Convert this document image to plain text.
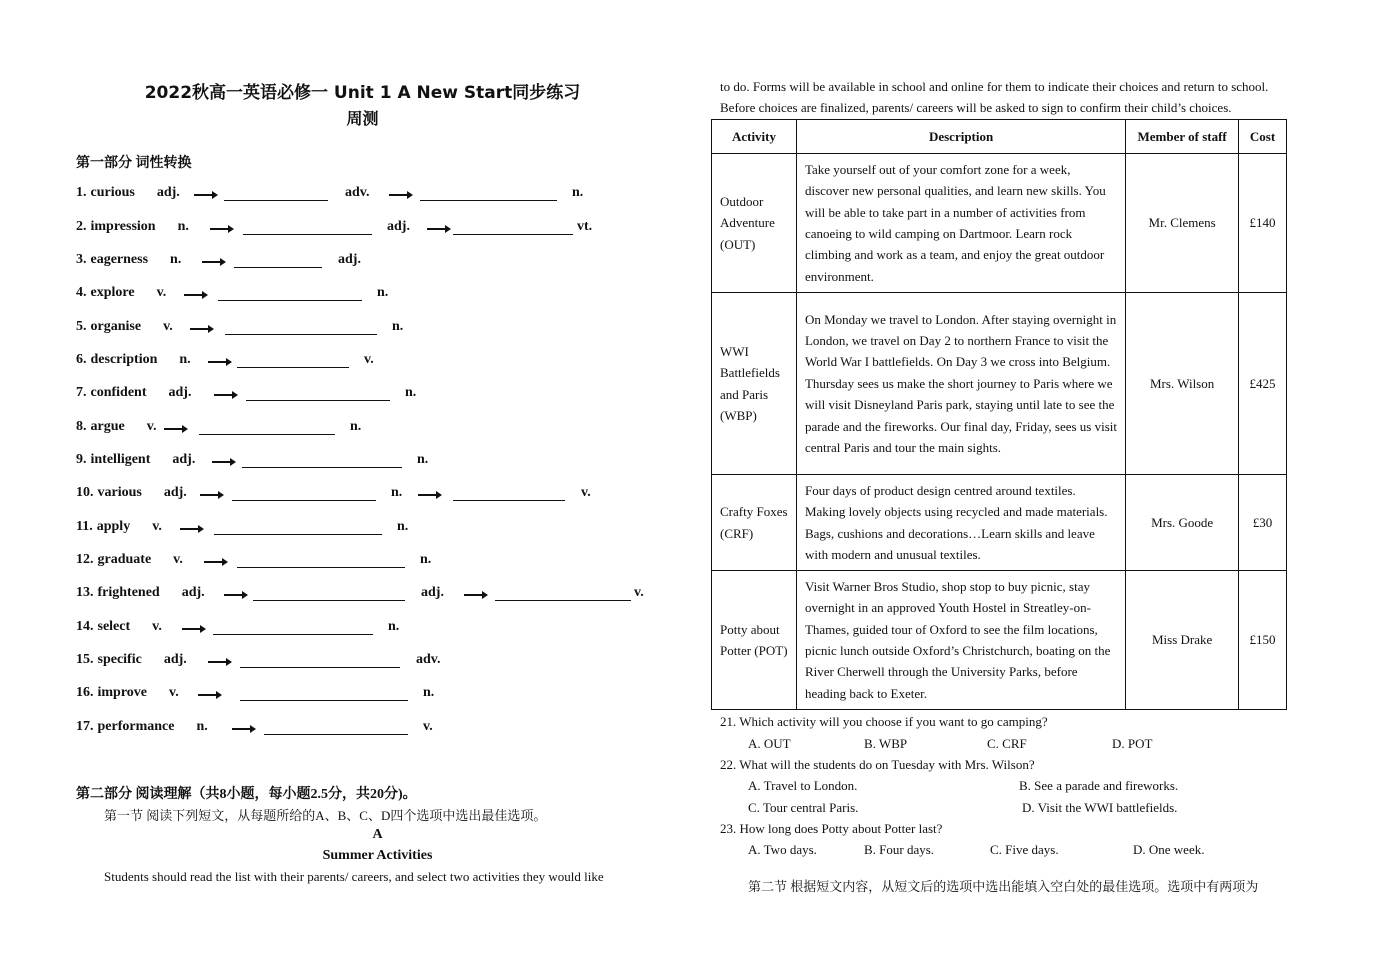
2022秋高一英语必修一 Unit 1 A New Start同步练习
周测
第一部分 词性转换
1. curious adj.	adv.	n.
2. impression n.	adj.	vt.
3. eagerness n.	adj.
4. explore v.	n.
5. organise v.	n.
6. description n.	v.
7. confident adj.	n.
8. argue v.	n.
9. intelligent adj.	n.
10. various adj.	n.	v.
11. apply v.	n.
12. graduate v.	n.
13. frightened adj.	adj.	v.
14. select v.	n.
15. specific adj.	adv.
16. improve v.	n.
17. performance n.	v.
第二部分 阅读理解（共8小题，每小题2.5分，共20分)。
第一节 阅读下列短文，从每题所给的A、B、C、D四个选项中选出最佳选项。
A
Summer Activities
Students should read the list with their parents/ careers, and select two activities they would like
to do. Forms will be available in school and online for them to indicate their choices and return to school.
Before choices are finalized, parents/ careers will be asked to sign to confirm their child’s choices.
Activity	Description	Member of staff	Cost
Outdoor Adventure (OUT)	Take yourself out of your comfort zone for a week, discover new personal qualities, and learn new skills. You will be able to take part in a number of activities from canoeing to wild camping on Dartmoor. Learn rock climbing and work as a team, and enjoy the great outdoor environment.	Mr. Clemens	£140
WWI Battlefields and Paris (WBP)	On Monday we travel to London. After staying overnight in London, we travel on Day 2 to northern France to visit the World War I battlefields. On Day 3 we cross into Belgium. Thursday sees us make the short journey to Paris where we will visit Disneyland Paris park, staying until late to see the parade and the fireworks. Our final day, Friday, sees us visit central Paris and tour the main sights.	Mrs. Wilson	£425
Crafty Foxes (CRF)	Four days of product design centred around textiles. Making lovely objects using recycled and made materials. Bags, cushions and decorations…Learn skills and leave with modern and unusual textiles.	Mrs. Goode	£30
Potty about Potter (POT)	Visit Warner Bros Studio, shop stop to buy picnic, stay overnight in an approved Youth Hostel in Streatley-on-Thames, guided tour of Oxford to see the film locations, picnic lunch outside Oxford’s Christchurch, boating on the River Cherwell through the University Parks, before heading back to Exeter.	Miss Drake	£150
21. Which activity will you choose if you want to go camping?
A. OUT	B. WBP	C. CRF	D. POT
22. What will the students do on Tuesday with Mrs. Wilson?
A. Travel to London.	B. See a parade and fireworks.
C. Tour central Paris.	D. Visit the WWI battlefields.
23. How long does Potty about Potter last?
A. Two days.	B. Four days.	C. Five days.	D. One week.
第二节 根据短文内容，从短文后的选项中选出能填入空白处的最佳选项。选项中有两项为
